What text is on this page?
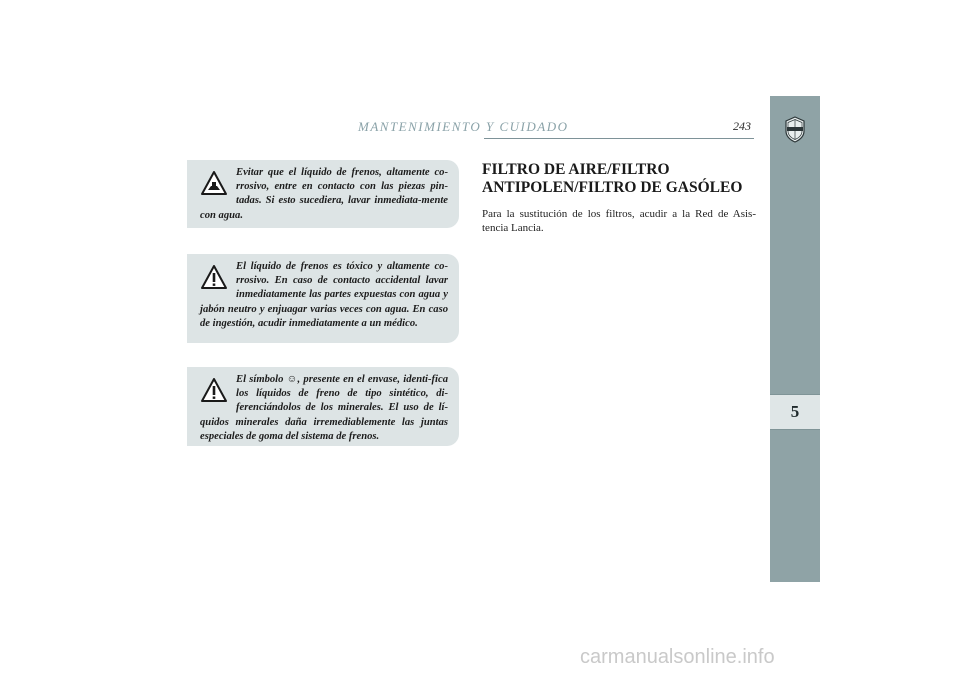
MANTENIMIENTO Y CUIDADO	243
5

Evitar que el líquido de frenos, altamente co-rrosivo, entre en contacto con las piezas pin-tadas. Si esto sucediera, lavar inmediata-mente con agua.

El líquido de frenos es tóxico y altamente co-rrosivo. En caso de contacto accidental lavar inmediatamente las partes expuestas con agua y jabón neutro y enjuagar varias veces con agua. En caso de ingestión, acudir inmediatamente a un médico.

El símbolo ☺, presente en el envase, identi-fica los líquidos de freno de tipo sintético, di-ferenciándolos de los minerales. El uso de lí-quidos minerales daña irremediablemente las juntas especiales de goma del sistema de frenos.

FILTRO DE AIRE/FILTRO ANTIPOLEN/FILTRO DE GASÓLEO

Para la sustitución de los filtros, acudir a la Red de Asis-tencia Lancia.

carmanualsonline.info
